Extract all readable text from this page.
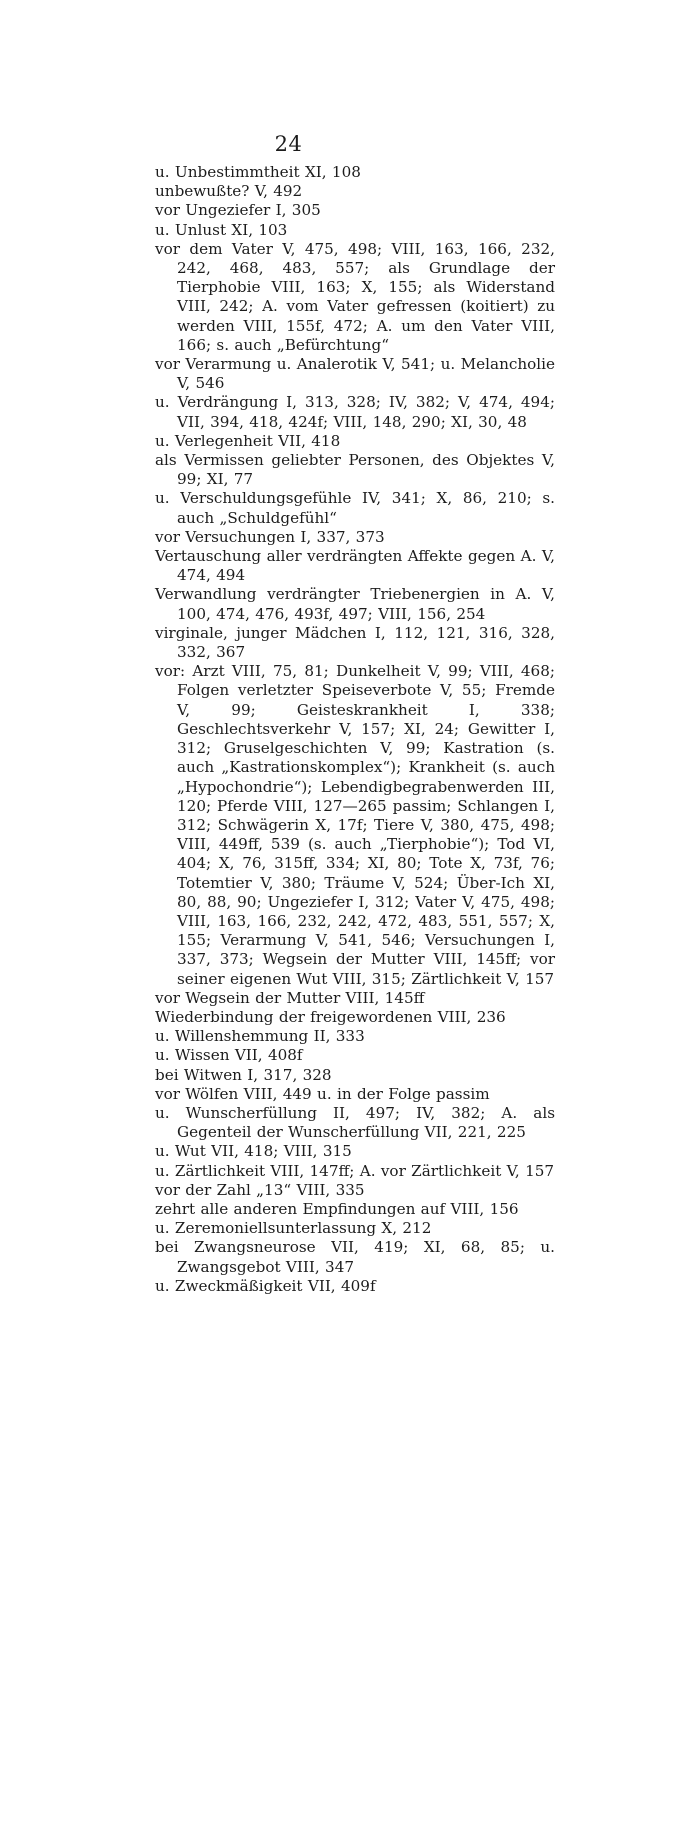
24
u. Unbestimmtheit XI, 108
unbewußte? V, 492
vor Ungeziefer I, 305
u. Unlust XI, 103
vor dem Vater V, 475, 498; VIII, 163, 166, 232, 242, 468, 483, 557; als Grundlage der Tierphobie VIII, 163; X, 155; als Widerstand VIII, 242; A. vom Vater gefressen (koitiert) zu werden VIII, 155f, 472; A. um den Vater VIII, 166; s. auch „Befürchtung“
vor Verarmung u. Analerotik V, 541; u. Melancholie V, 546
u. Verdrängung I, 313, 328; IV, 382; V, 474, 494; VII, 394, 418, 424f; VIII, 148, 290; XI, 30, 48
u. Verlegenheit VII, 418
als Vermissen geliebter Personen, des Objektes V, 99; XI, 77
u. Verschuldungsgefühle IV, 341; X, 86, 210; s. auch „Schuldgefühl“
vor Versuchungen I, 337, 373
Vertauschung aller verdrängten Affekte gegen A. V, 474, 494
Verwandlung verdrängter Triebenergien in A. V, 100, 474, 476, 493f, 497; VIII, 156, 254
virginale, junger Mädchen I, 112, 121, 316, 328, 332, 367
vor: Arzt VIII, 75, 81; Dunkelheit V, 99; VIII, 468; Folgen verletzter Speiseverbote V, 55; Fremde V, 99; Geisteskrankheit I, 338; Geschlechtsverkehr V, 157; XI, 24; Gewitter I, 312; Gruselgeschichten V, 99; Kastration (s. auch „Kastrationskomplex“); Krankheit (s. auch „Hypochondrie“); Lebendigbegrabenwerden III, 120; Pferde VIII, 127—265 passim; Schlangen I, 312; Schwägerin X, 17f; Tiere V, 380, 475, 498; VIII, 449ff, 539 (s. auch „Tierphobie“); Tod VI, 404; X, 76, 315ff, 334; XI, 80; Tote X, 73f, 76; Totemtier V, 380; Träume V, 524; Über-Ich XI, 80, 88, 90; Ungeziefer I, 312; Vater V, 475, 498; VIII, 163, 166, 232, 242, 472, 483, 551, 557; X, 155; Verarmung V, 541, 546; Versuchungen I, 337, 373; Wegsein der Mutter VIII, 145ff; vor seiner eigenen Wut VIII, 315; Zärtlichkeit V, 157
vor Wegsein der Mutter VIII, 145ff
Wiederbindung der freigewordenen VIII, 236
u. Willenshemmung II, 333
u. Wissen VII, 408f
bei Witwen I, 317, 328
vor Wölfen VIII, 449 u. in der Folge passim
u. Wunscherfüllung II, 497; IV, 382; A. als Gegenteil der Wunscherfüllung VII, 221, 225
u. Wut VII, 418; VIII, 315
u. Zärtlichkeit VIII, 147ff; A. vor Zärtlichkeit V, 157
vor der Zahl „13“ VIII, 335
zehrt alle anderen Empfindungen auf VIII, 156
u. Zeremoniellsunterlassung X, 212
bei Zwangsneurose VII, 419; XI, 68, 85; u. Zwangsgebot VIII, 347
u. Zweckmäßigkeit VII, 409f
